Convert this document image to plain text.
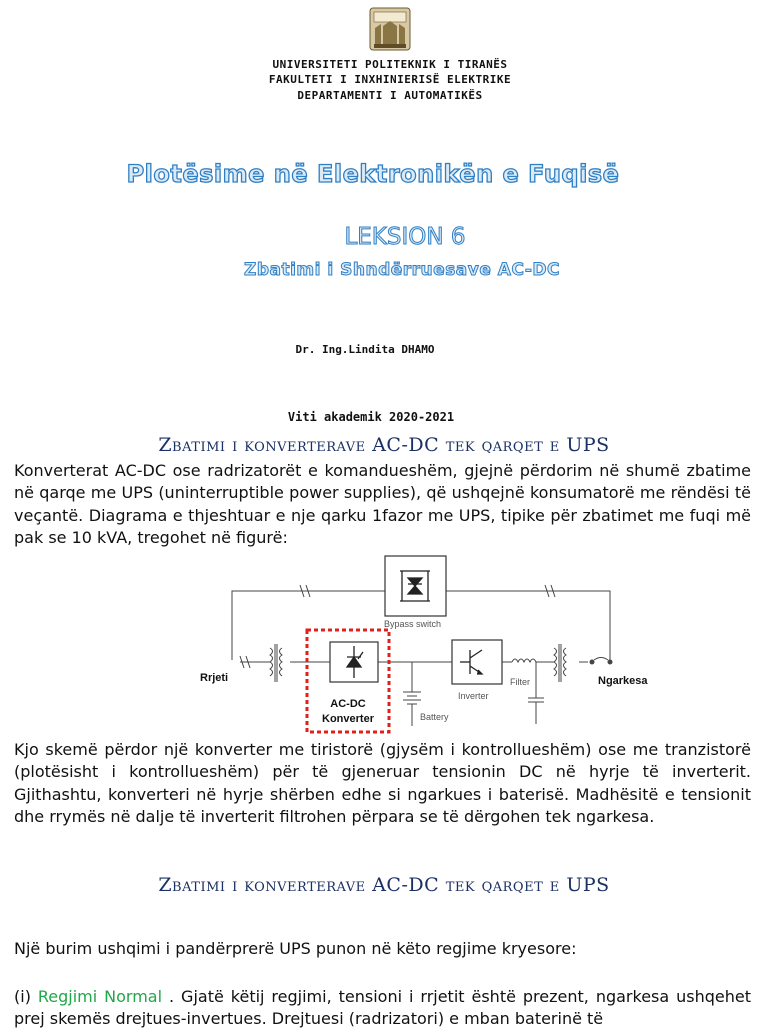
UNIVERSITETI POLITEKNIK I TIRANËS
FAKULTETI I INXHINIERISË ELEKTRIKE
DEPARTAMENTI I AUTOMATIKËS
Plotësime në Elektronikën e Fuqisë
LEKSION 6
Zbatimi i Shndërruesave AC-DC
Dr. Ing.Lindita DHAMO
Viti akademik 2020-2021
Zbatimi i konverterave AC-DC tek qarqet e UPS
Konverterat AC-DC ose radrizatorët e komandueshëm, gjejnë përdorim në shumë zbatime në qarqe me UPS (uninterruptible power supplies), që ushqejnë konsumatorë me rëndësi të veçantë. Diagrama e thjeshtuar e nje qarku 1fazor me UPS, tipike për zbatimet me fuqi më pak se 10 kVA, tregohet në figurë:
Bypass switch
AC-DC
Konverter	Battery
Inverter
Filter
Rrjeti	Ngarkesa
Kjo skemë përdor një konverter me tiristorë (gjysëm i kontrollueshëm) ose me tranzistorë (plotësisht i kontrollueshëm) për të gjeneruar tensionin DC në hyrje të inverterit. Gjithashtu, konverteri në hyrje shërben edhe si ngarkues i baterisë. Madhësitë e tensionit dhe rrymës në dalje të inverterit filtrohen përpara se të dërgohen tek ngarkesa.
Zbatimi i konverterave AC-DC tek qarqet e UPS
Një burim ushqimi i pandërprerë UPS punon në këto regjime kryesore:
(i) Regjimi Normal . Gjatë këtij regjimi, tensioni i rrjetit është prezent, ngarkesa ushqehet prej skemës drejtues-invertues. Drejtuesi (radrizatori) e mban baterinë të
